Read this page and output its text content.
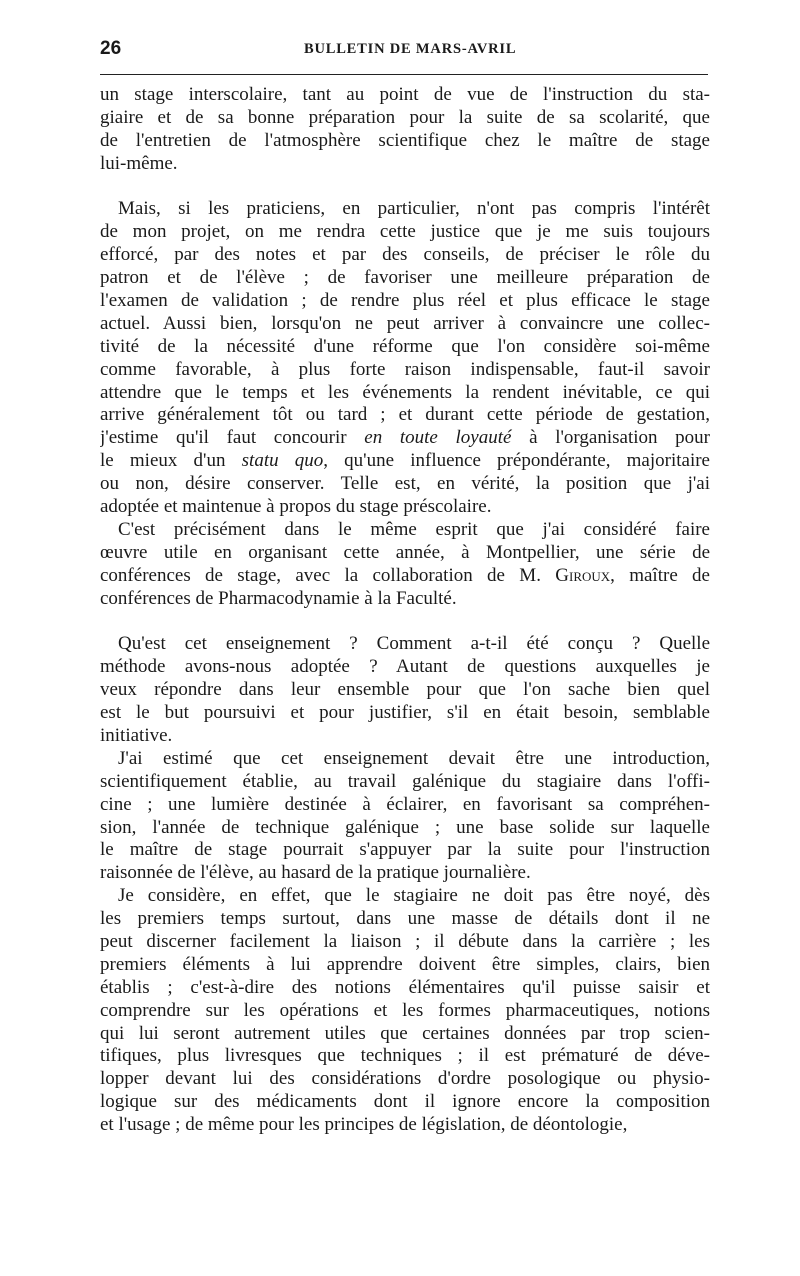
26	BULLETIN DE MARS-AVRIL
un stage interscolaire, tant au point de vue de l'instruction du sta-
giaire et de sa bonne préparation pour la suite de sa scolarité, que
de l'entretien de l'atmosphère scientifique chez le maître de stage
lui-même.
Mais, si les praticiens, en particulier, n'ont pas compris l'intérêt
de mon projet, on me rendra cette justice que je me suis toujours
efforcé, par des notes et par des conseils, de préciser le rôle du
patron et de l'élève ; de favoriser une meilleure préparation de
l'examen de validation ; de rendre plus réel et plus efficace le stage
actuel. Aussi bien, lorsqu'on ne peut arriver à convaincre une collec-
tivité de la nécessité d'une réforme que l'on considère soi-même
comme favorable, à plus forte raison indispensable, faut-il savoir
attendre que le temps et les événements la rendent inévitable, ce qui
arrive généralement tôt ou tard ; et durant cette période de gestation,
j'estime qu'il faut concourir en toute loyauté à l'organisation pour
le mieux d'un statu quo, qu'une influence prépondérante, majoritaire
ou non, désire conserver. Telle est, en vérité, la position que j'ai
adoptée et maintenue à propos du stage préscolaire.
C'est précisément dans le même esprit que j'ai considéré faire
œuvre utile en organisant cette année, à Montpellier, une série de
conférences de stage, avec la collaboration de M. Giroux, maître de
conférences de Pharmacodynamie à la Faculté.
Qu'est cet enseignement ? Comment a-t-il été conçu ? Quelle
méthode avons-nous adoptée ? Autant de questions auxquelles je
veux répondre dans leur ensemble pour que l'on sache bien quel
est le but poursuivi et pour justifier, s'il en était besoin, semblable
initiative.
J'ai estimé que cet enseignement devait être une introduction,
scientifiquement établie, au travail galénique du stagiaire dans l'offi-
cine ; une lumière destinée à éclairer, en favorisant sa compréhen-
sion, l'année de technique galénique ; une base solide sur laquelle
le maître de stage pourrait s'appuyer par la suite pour l'instruction
raisonnée de l'élève, au hasard de la pratique journalière.
Je considère, en effet, que le stagiaire ne doit pas être noyé, dès
les premiers temps surtout, dans une masse de détails dont il ne
peut discerner facilement la liaison ; il débute dans la carrière ; les
premiers éléments à lui apprendre doivent être simples, clairs, bien
établis ; c'est-à-dire des notions élémentaires qu'il puisse saisir et
comprendre sur les opérations et les formes pharmaceutiques, notions
qui lui seront autrement utiles que certaines données par trop scien-
tifiques, plus livresques que techniques ; il est prématuré de déve-
lopper devant lui des considérations d'ordre posologique ou physio-
logique sur des médicaments dont il ignore encore la composition
et l'usage ; de même pour les principes de législation, de déontologie,
